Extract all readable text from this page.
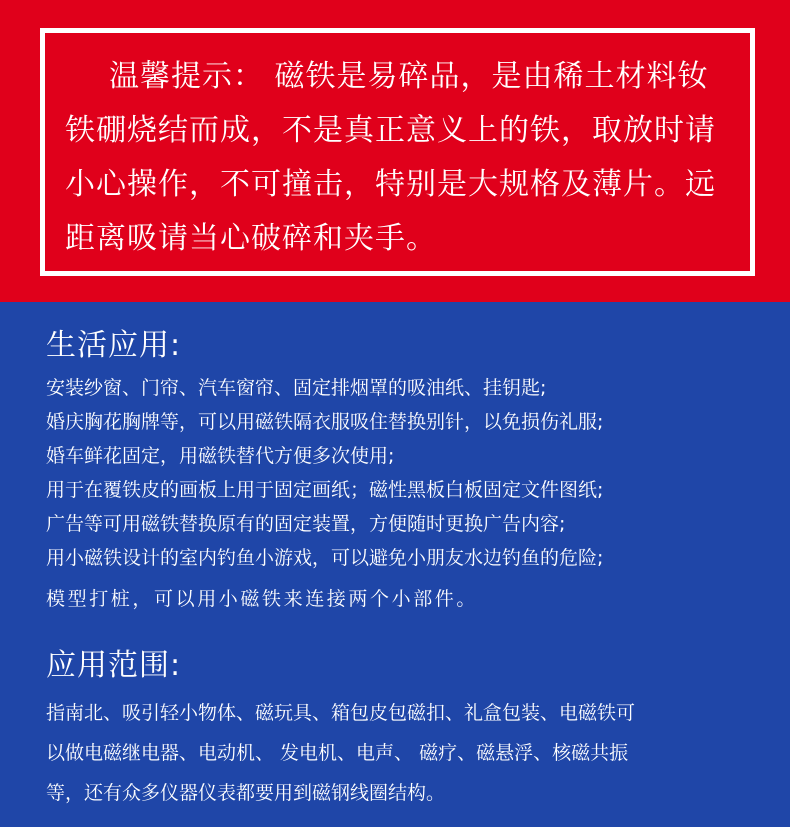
温馨提示： 磁铁是易碎品，是由稀土材料钕铁硼烧结而成，不是真正意义上的铁，取放时请小心操作，不可撞击，特别是大规格及薄片。远距离吸请当心破碎和夹手。
生活应用:
安装纱窗、门帘、汽车窗帘、固定排烟罩的吸油纸、挂钥匙;
婚庆胸花胸牌等，可以用磁铁隔衣服吸住替换别针，以免损伤礼服;
婚车鲜花固定，用磁铁替代方便多次使用;
用于在覆铁皮的画板上用于固定画纸；磁性黑板白板固定文件图纸;
广告等可用磁铁替换原有的固定装置，方便随时更换广告内容;
用小磁铁设计的室内钓鱼小游戏，可以避免小朋友水边钓鱼的危险;
模型打桩，可以用小磁铁来连接两个小部件。
应用范围:
指南北、吸引轻小物体、磁玩具、箱包皮包磁扣、礼盒包装、电磁铁可
以做电磁继电器、电动机、 发电机、电声、 磁疗、磁悬浮、核磁共振
等，还有众多仪器仪表都要用到磁钢线圈结构。
